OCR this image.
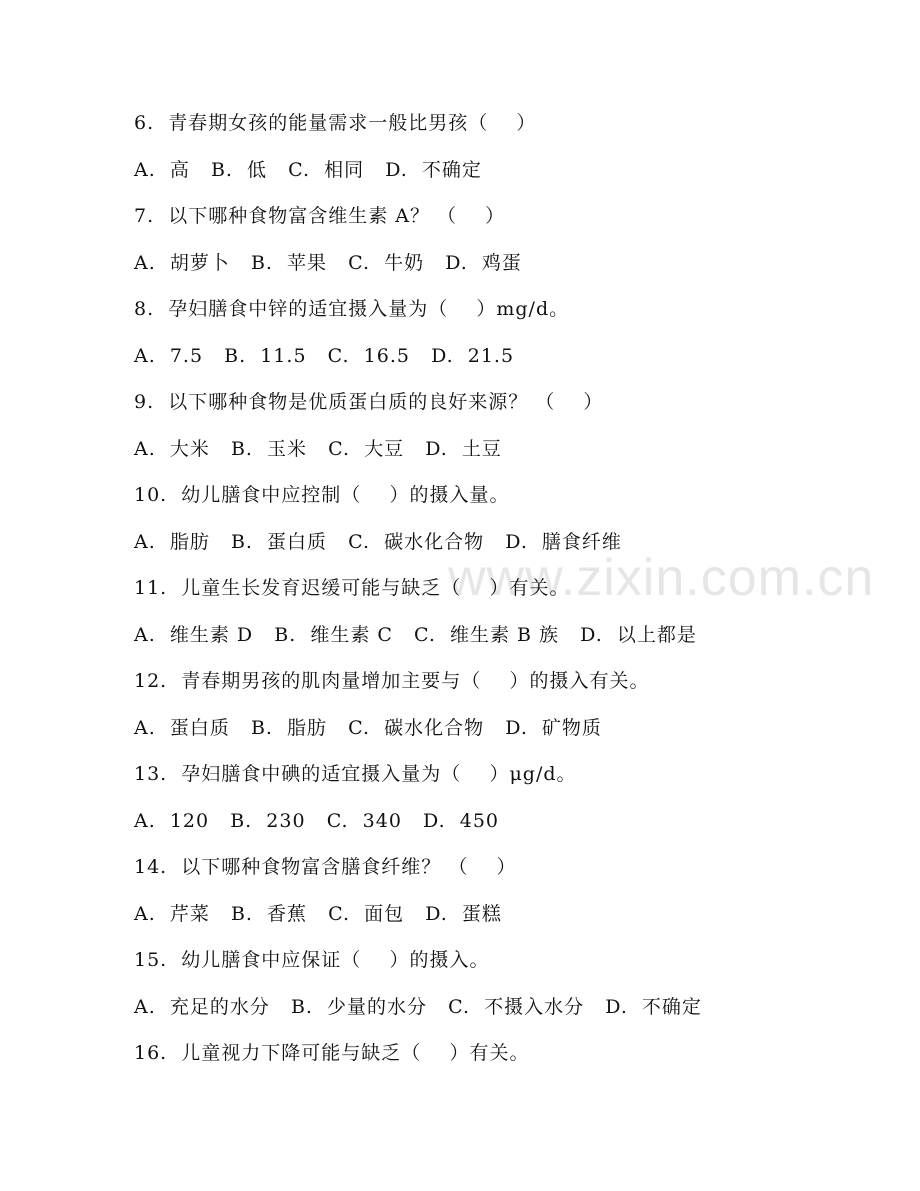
www.zixin.com.cn
6.  青春期女孩的能量需求一般比男孩（    ）
A.  高   B.  低   C.  相同   D.  不确定
7.  以下哪种食物富含维生素 A？ （    ）
A.  胡萝卜   B.  苹果   C.  牛奶   D.  鸡蛋
8.  孕妇膳食中锌的适宜摄入量为（    ）mg/d。
A.  7.5   B.  11.5   C.  16.5   D.  21.5
9.  以下哪种食物是优质蛋白质的良好来源？ （    ）
A.  大米   B.  玉米   C.  大豆   D.  土豆
10.  幼儿膳食中应控制（    ）的摄入量。
A.  脂肪   B.  蛋白质   C.  碳水化合物   D.  膳食纤维
11.  儿童生长发育迟缓可能与缺乏（    ）有关。
A.  维生素 D   B.  维生素 C   C.  维生素 B 族   D.  以上都是
12.  青春期男孩的肌肉量增加主要与（    ）的摄入有关。
A.  蛋白质   B.  脂肪   C.  碳水化合物   D.  矿物质
13.  孕妇膳食中碘的适宜摄入量为（    ）μg/d。
A.  120   B.  230   C.  340   D.  450
14.  以下哪种食物富含膳食纤维？ （    ）
A.  芹菜   B.  香蕉   C.  面包   D.  蛋糕
15.  幼儿膳食中应保证（    ）的摄入。
A.  充足的水分   B.  少量的水分   C.  不摄入水分   D.  不确定
16.  儿童视力下降可能与缺乏（    ）有关。
